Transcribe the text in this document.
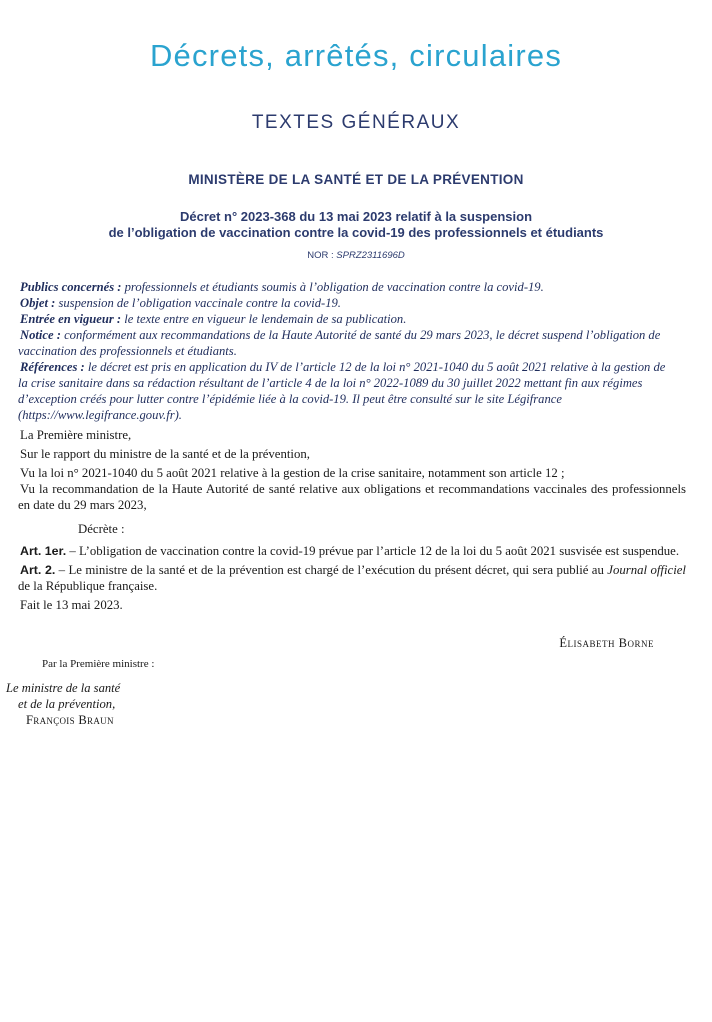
Décrets, arrêtés, circulaires
TEXTES GÉNÉRAUX
MINISTÈRE DE LA SANTÉ ET DE LA PRÉVENTION
Décret n° 2023-368 du 13 mai 2023 relatif à la suspension
de l’obligation de vaccination contre la covid-19 des professionnels et étudiants
NOR : SPRZ2311696D

Publics concernés : professionnels et étudiants soumis à l’obligation de vaccination contre la covid-19.

Objet : suspension de l’obligation vaccinale contre la covid-19.

Entrée en vigueur : le texte entre en vigueur le lendemain de sa publication.

Notice : conformément aux recommandations de la Haute Autorité de santé du 29 mars 2023, le décret suspend l’obligation de vaccination des professionnels et étudiants.

Références : le décret est pris en application du IV de l’article 12 de la loi n° 2021-1040 du 5 août 2021 relative à la gestion de la crise sanitaire dans sa rédaction résultant de l’article 4 de la loi n° 2022-1089 du 30 juillet 2022 mettant fin aux régimes d’exception créés pour lutter contre l’épidémie liée à la covid-19. Il peut être consulté sur le site Légifrance (https://www.legifrance.gouv.fr).

La Première ministre,

Sur le rapport du ministre de la santé et de la prévention,

Vu la loi n° 2021-1040 du 5 août 2021 relative à la gestion de la crise sanitaire, notamment son article 12 ;

Vu la recommandation de la Haute Autorité de santé relative aux obligations et recommandations vaccinales des professionnels en date du 29 mars 2023,

Décrète :

Art. 1er. – L’obligation de vaccination contre la covid-19 prévue par l’article 12 de la loi du 5 août 2021 susvisée est suspendue.

Art. 2. – Le ministre de la santé et de la prévention est chargé de l’exécution du présent décret, qui sera publié au Journal officiel de la République française.

Fait le 13 mai 2023.

Élisabeth Borne
Par la Première ministre :
Le ministre de la santé
et de la prévention,
François Braun
